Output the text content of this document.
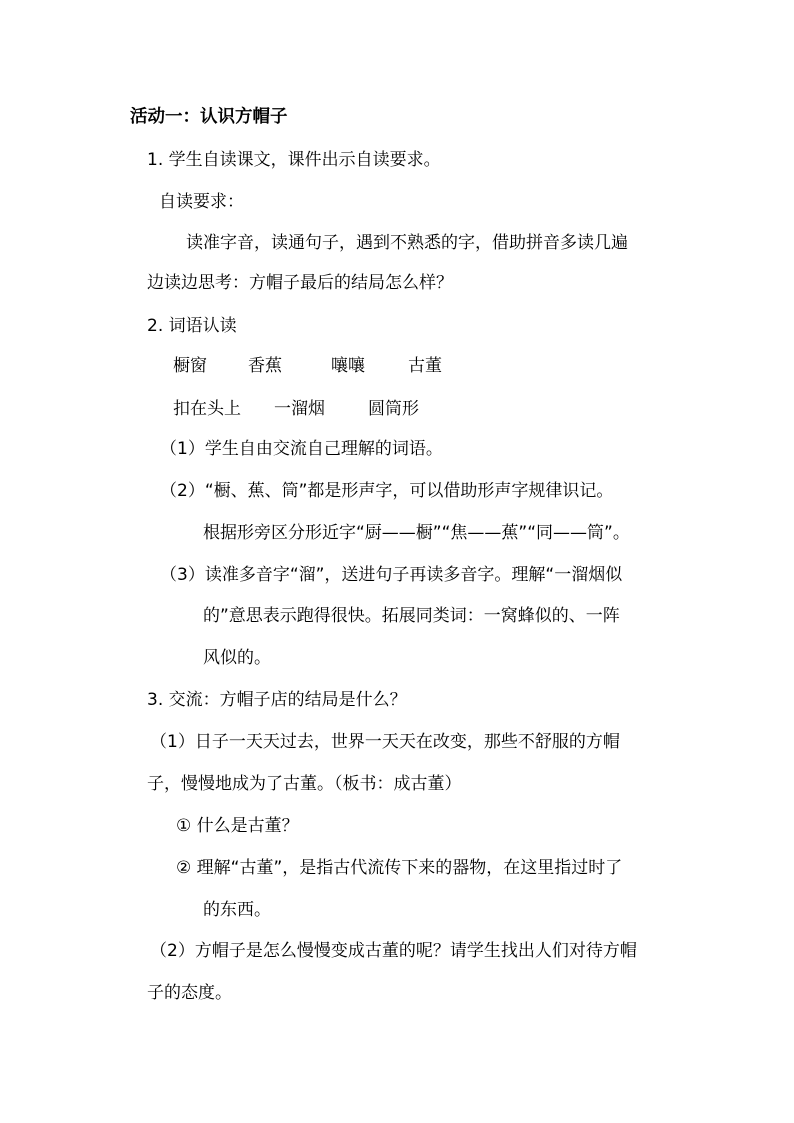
活动一：认识方帽子
1. 学生自读课文，课件出示自读要求。
自读要求：
读准字音，读通句子，遇到不熟悉的字，借助拼音多读几遍
边读边思考：方帽子最后的结局怎么样？
2. 词语认读
橱窗 香蕉	嚷嚷	古董
扣在头上 一溜烟	圆筒形
（1）学生自由交流自己理解的词语。
（2）“橱、蕉、筒”都是形声字，可以借助形声字规律识记。
根据形旁区分形近字“厨——橱”“焦——蕉”“同——筒”。
（3）读准多音字“溜”，送进句子再读多音字。理解“一溜烟似
的”意思表示跑得很快。拓展同类词：一窝蜂似的、一阵
风似的。
3. 交流：方帽子店的结局是什么？
（1）日子一天天过去，世界一天天在改变，那些不舒服的方帽
子，慢慢地成为了古董。（板书：成古董）
① 什么是古董？
② 理解“古董”，是指古代流传下来的器物，在这里指过时了
的东西。
（2）方帽子是怎么慢慢变成古董的呢？请学生找出人们对待方帽
子的态度。
